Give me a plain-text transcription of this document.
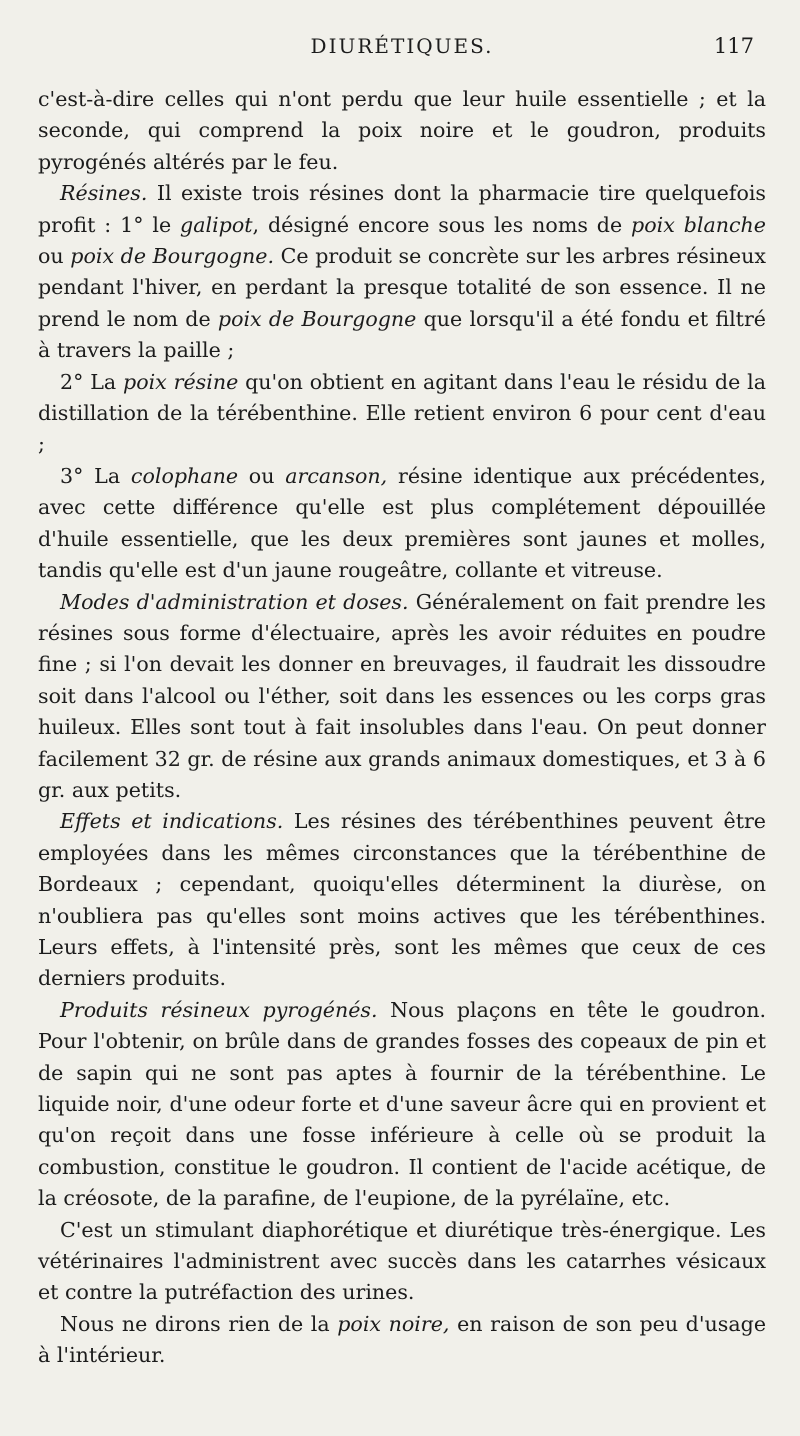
DIURÉTIQUES.	117

c'est-à-dire celles qui n'ont perdu que leur huile essentielle ; et la seconde, qui comprend la poix noire et le goudron, produits pyrogénés altérés par le feu.

Résines. Il existe trois résines dont la pharmacie tire quelquefois profit : 1° le galipot, désigné encore sous les noms de poix blanche ou poix de Bourgogne. Ce produit se concrète sur les arbres résineux pendant l'hiver, en perdant la presque totalité de son essence. Il ne prend le nom de poix de Bourgogne que lorsqu'il a été fondu et filtré à travers la paille ;

2° La poix résine qu'on obtient en agitant dans l'eau le résidu de la distillation de la térébenthine. Elle retient environ 6 pour cent d'eau ;

3° La colophane ou arcanson, résine identique aux précédentes, avec cette différence qu'elle est plus complétement dépouillée d'huile essentielle, que les deux premières sont jaunes et molles, tandis qu'elle est d'un jaune rougeâtre, collante et vitreuse.

Modes d'administration et doses. Généralement on fait prendre les résines sous forme d'électuaire, après les avoir réduites en poudre fine ; si l'on devait les donner en breuvages, il faudrait les dissoudre soit dans l'alcool ou l'éther, soit dans les essences ou les corps gras huileux. Elles sont tout à fait insolubles dans l'eau. On peut donner facilement 32 gr. de résine aux grands animaux domestiques, et 3 à 6 gr. aux petits.

Effets et indications. Les résines des térébenthines peuvent être employées dans les mêmes circonstances que la térébenthine de Bordeaux ; cependant, quoiqu'elles déterminent la diurèse, on n'oubliera pas qu'elles sont moins actives que les térébenthines. Leurs effets, à l'intensité près, sont les mêmes que ceux de ces derniers produits.

Produits résineux pyrogénés. Nous plaçons en tête le goudron. Pour l'obtenir, on brûle dans de grandes fosses des copeaux de pin et de sapin qui ne sont pas aptes à fournir de la térébenthine. Le liquide noir, d'une odeur forte et d'une saveur âcre qui en provient et qu'on reçoit dans une fosse inférieure à celle où se produit la combustion, constitue le goudron. Il contient de l'acide acétique, de la créosote, de la parafine, de l'eupione, de la pyrélaïne, etc.

C'est un stimulant diaphorétique et diurétique très-énergique. Les vétérinaires l'administrent avec succès dans les catarrhes vésicaux et contre la putréfaction des urines.

Nous ne dirons rien de la poix noire, en raison de son peu d'usage à l'intérieur.
